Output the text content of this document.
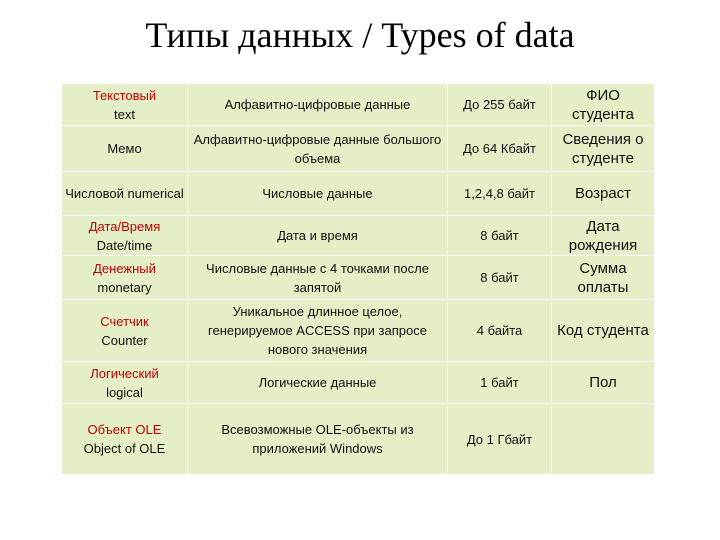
Типы данных / Types of data
Текстовый
text	Алфавитно-цифровые данные	До 255 байт	ФИО студента

Мемо	Алфавитно-цифровые данные большого объема	До 64 Кбайт	Сведения о студенте

Числовой numerical	Числовые данные	1,2,4,8 байт	Возраст

Дата/Время
Date/time	Дата и время	8 байт	Дата рождения

Денежный
monetary	Числовые данные с 4 точками после запятой	8 байт	Сумма оплаты

Счетчик
Counter	Уникальное длинное целое, генерируемое ACCESS при запросе нового значения	4 байта	Код студента

Логический
logical	Логические данные	1 байт	Пол

Объект OLE
Object of OLE	Всевозможные OLE-объекты из приложений Windows	До 1 Гбайт	
